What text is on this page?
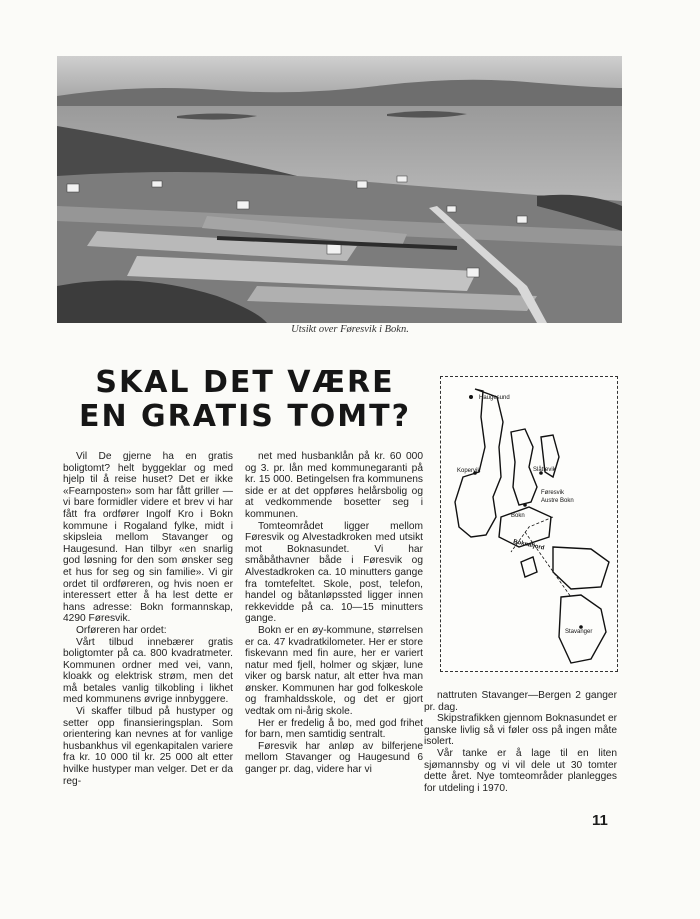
Utsikt over Føresvik i Bokn.
SKAL DET VÆRE
EN GRATIS TOMT?

Vil De gjerne ha en gratis boligtomt? helt byggeklar og med hjelp til å reise huset? Det er ikke «Fearnposten» som har fått griller — vi bare formidler videre et brev vi har fått fra ordfører Ingolf Kro i Bokn kommune i Rogaland fylke, midt i skipsleia mellom Stavanger og Haugesund. Han tilbyr «en snarlig god løsning for den som ønsker seg et hus for seg og sin familie». Vi gir ordet til ordføreren, og hvis noen er interessert etter å ha lest dette er hans adresse: Bokn formannskap, 4290 Føresvik.

Orføreren har ordet:

Vårt tilbud innebærer gratis boligtomter på ca. 800 kvadratmeter. Kommunen ordner med vei, vann, kloakk og elektrisk strøm, men det må betales vanlig tilkobling i likhet med kommunens øvrige innbyggere.

Vi skaffer tilbud på hustyper og setter opp finansieringsplan. Som orientering kan nevnes at for vanlige husbankhus vil egenkapitalen variere fra kr. 10 000 til kr. 25 000 alt etter hvilke hustyper man velger. Det er da reg-

net med husbanklån på kr. 60 000 og 3. pr. lån med kommunegaranti på kr. 15 000. Betingelsen fra kommunens side er at det oppføres helårsbolig og at vedkommende bosetter seg i kommunen.

Tomteområdet ligger mellom Føresvik og Alvestadkroken med utsikt mot Boknasundet. Vi har småbåthavner både i Føresvik og Alvestadkroken ca. 10 minutters gange fra tomtefeltet. Skole, post, telefon, handel og båtanløpssted ligger innen rekkevidde på ca. 10—15 minutters gange.

Bokn er en øy-kommune, størrelsen er ca. 47 kvadratkilometer. Her er store fiskevann med fin aure, her er variert natur med fjell, holmer og skjær, lune viker og barsk natur, alt etter hva man ønsker. Kommunen har god folkeskole og framhaldsskole, og det er gjort vedtak om ni-årig skole.

Her er fredelig å bo, med god frihet for barn, men samtidig sentralt.

Føresvik har anløp av bilferjene mellom Stavanger og Haugesund 6 ganger pr. dag, videre har vi

Haugesund
Kopervik	Slåttevik
Føresvik
Austre Bokn
Bokn
Boknafjord
Stavanger

nattruten Stavanger—Bergen 2 ganger pr. dag.

Skipstrafikken gjennom Boknasundet er ganske livlig så vi føler oss på ingen måte isolert.

Vår tanke er å lage til en liten sjømannsby og vi vil dele ut 30 tomter dette året. Nye tomteområder planlegges for utdeling i 1970.

11
